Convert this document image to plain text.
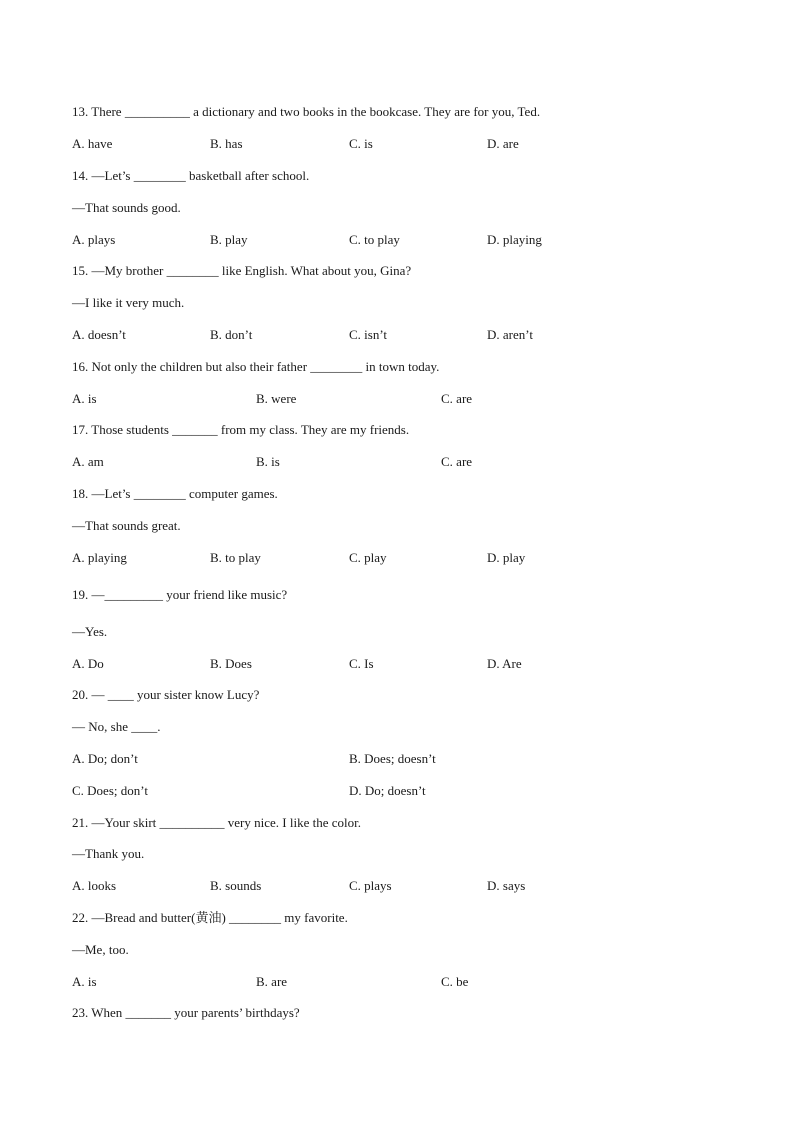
13. There __________ a dictionary and two books in the bookcase. They are for you, Ted.
A. have	B. has	C. is	D. are
14. —Let’s ________ basketball after school.
—That sounds good.
A. plays	B. play	C. to play	D. playing
15. —My brother ________ like English. What about you, Gina?
—I like it very much.
A. doesn’t	B. don’t	C. isn’t	D. aren’t
16. Not only the children but also their father ________ in town today.
A. is	B. were	C. are
17. Those students _______ from my class. They are my friends.
A. am	B. is	C. are
18. —Let’s ________ computer games.
—That sounds great.
A. playing	B. to play	C. play	D. play
19. —_________ your friend like music?
—Yes.
A. Do	B. Does	C. Is	D. Are
20. — ____ your sister know Lucy?
— No, she ____.
A. Do; don’t	B. Does; doesn’t
C. Does; don’t	D. Do; doesn’t
21. —Your skirt __________ very nice. I like the color.
—Thank you.
A. looks	B. sounds	C. plays	D. says
22. —Bread and butter(黄油) ________ my favorite.
—Me, too.
A. is	B. are	C. be
23. When _______ your parents’ birthdays?
